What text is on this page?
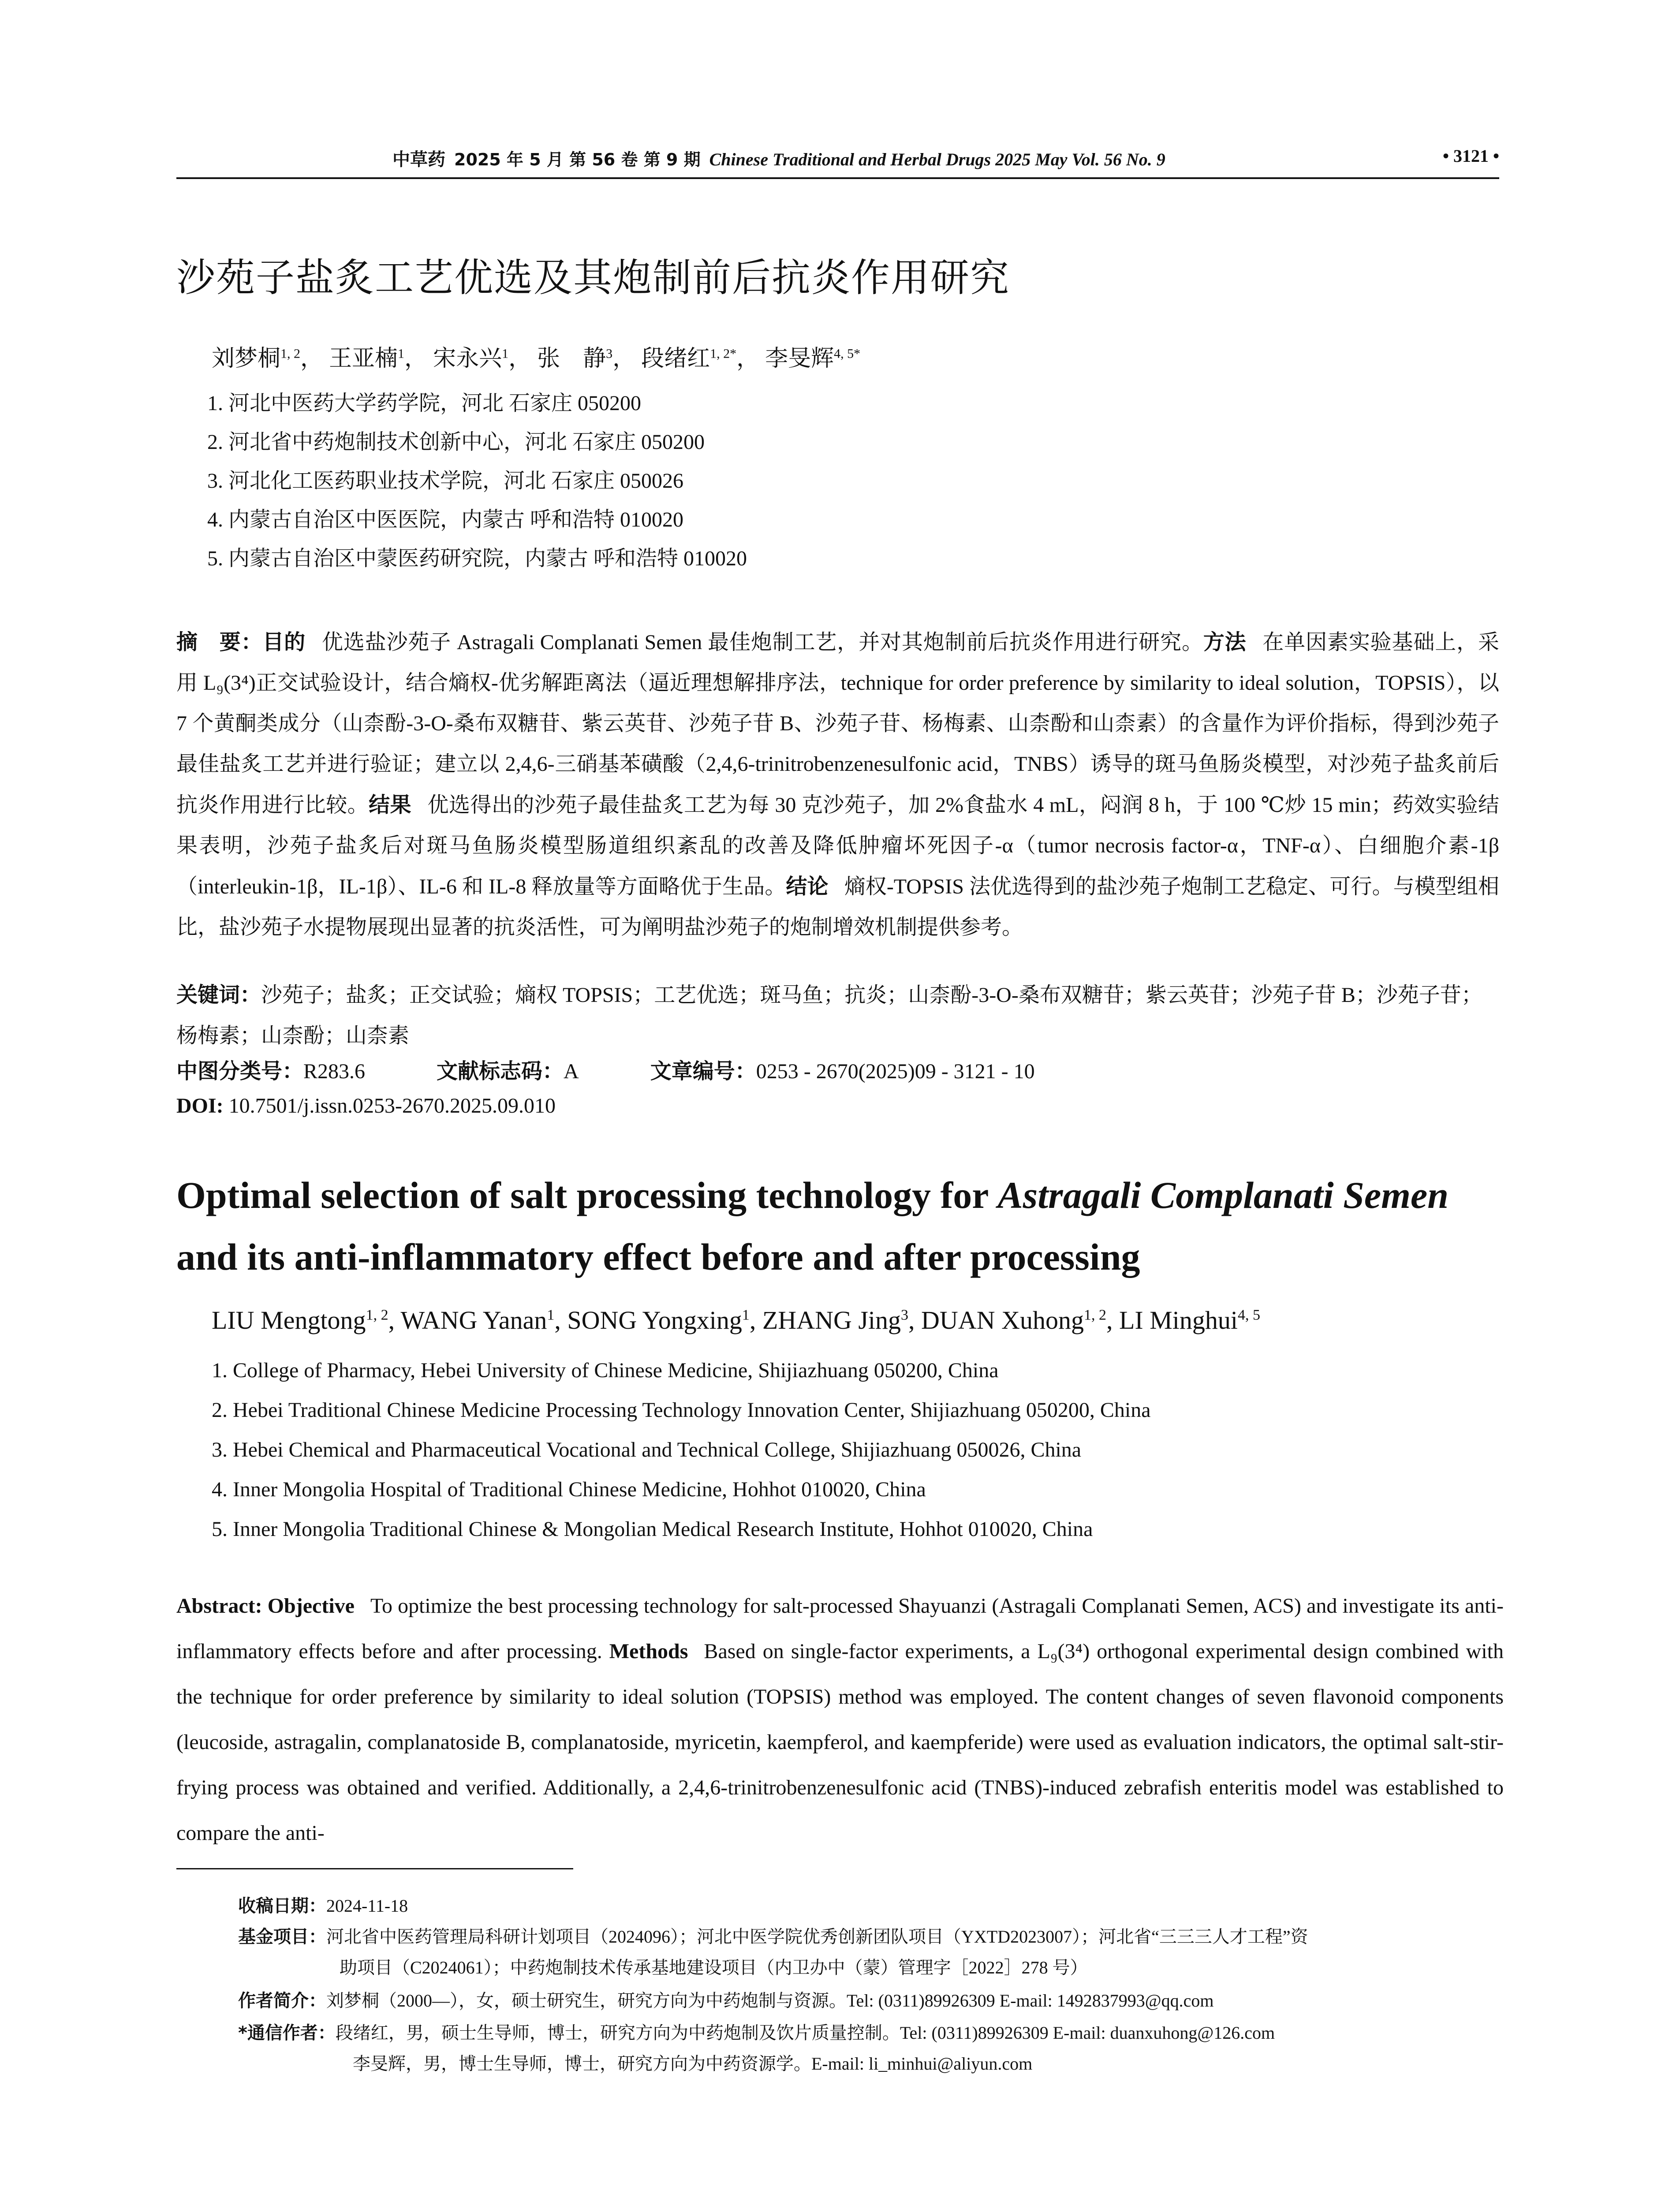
中草药 2025 年 5 月 第 56 卷 第 9 期 Chinese Traditional and Herbal Drugs 2025 May Vol. 56 No. 9	• 3121 •
沙苑子盐炙工艺优选及其炮制前后抗炎作用研究
刘梦桐$^{1, 2}$， 王亚楠$^1$， 宋永兴$^1$， 张　静$^3$， 段绪红$^{1, 2*}$， 李旻辉$^{4, 5*}$
1. 河北中医药大学药学院，河北 石家庄 050200
2. 河北省中药炮制技术创新中心，河北 石家庄 050200
3. 河北化工医药职业技术学院，河北 石家庄 050026
4. 内蒙古自治区中医医院，内蒙古 呼和浩特 010020
5. 内蒙古自治区中蒙医药研究院，内蒙古 呼和浩特 010020

摘　要：目的 优选盐沙苑子 Astragali Complanati Semen 最佳炮制工艺，并对其炮制前后抗炎作用进行研究。方法 在单因素实验基础上，采用 L₉(3⁴)正交试验设计，结合熵权-优劣解距离法（逼近理想解排序法，technique for order preference by similarity to ideal solution，TOPSIS），以 7 个黄酮类成分（山柰酚-3-O-桑布双糖苷、紫云英苷、沙苑子苷 B、沙苑子苷、杨梅素、山柰酚和山柰素）的含量作为评价指标，得到沙苑子最佳盐炙工艺并进行验证；建立以 2,4,6-三硝基苯磺酸（2,4,6-trinitrobenzenesulfonic acid，TNBS）诱导的斑马鱼肠炎模型，对沙苑子盐炙前后抗炎作用进行比较。结果 优选得出的沙苑子最佳盐炙工艺为每 30 克沙苑子，加 2%食盐水 4 mL，闷润 8 h，于 100 ℃炒 15 min；药效实验结果表明，沙苑子盐炙后对斑马鱼肠炎模型肠道组织紊乱的改善及降低肿瘤坏死因子-α（tumor necrosis factor-α，TNF-α）、白细胞介素-1β（interleukin-1β，IL-1β）、IL-6 和 IL-8 释放量等方面略优于生品。结论 熵权-TOPSIS 法优选得到的盐沙苑子炮制工艺稳定、可行。与模型组相比，盐沙苑子水提物展现出显著的抗炎活性，可为阐明盐沙苑子的炮制增效机制提供参考。

关键词：沙苑子；盐炙；正交试验；熵权 TOPSIS；工艺优选；斑马鱼；抗炎；山柰酚-3-O-桑布双糖苷；紫云英苷；沙苑子苷 B；沙苑子苷；杨梅素；山柰酚；山柰素

中图分类号：R283.6	文献标志码：A	文章编号：0253 - 2670(2025)09 - 3121 - 10
DOI: 10.7501/j.issn.0253-2670.2025.09.010

Optimal selection of salt processing technology for Astragali Complanati Semen and its anti-inflammatory effect before and after processing

LIU Mengtong$^{1, 2}$, WANG Yanan$^1$, SONG Yongxing$^1$, ZHANG Jing$^3$, DUAN Xuhong$^{1, 2}$, LI Minghui$^{4, 5}$
1. College of Pharmacy, Hebei University of Chinese Medicine, Shijiazhuang 050200, China
2. Hebei Traditional Chinese Medicine Processing Technology Innovation Center, Shijiazhuang 050200, China
3. Hebei Chemical and Pharmaceutical Vocational and Technical College, Shijiazhuang 050026, China
4. Inner Mongolia Hospital of Traditional Chinese Medicine, Hohhot 010020, China
5. Inner Mongolia Traditional Chinese & Mongolian Medical Research Institute, Hohhot 010020, China

Abstract: Objective To optimize the best processing technology for salt-processed Shayuanzi (Astragali Complanati Semen, ACS) and investigate its anti-inflammatory effects before and after processing. Methods Based on single-factor experiments, a L₉(3⁴) orthogonal experimental design combined with the technique for order preference by similarity to ideal solution (TOPSIS) method was employed. The content changes of seven flavonoid components (leucoside, astragalin, complanatoside B, complanatoside, myricetin, kaempferol, and kaempferide) were used as evaluation indicators, the optimal salt-stir-frying process was obtained and verified. Additionally, a 2,4,6-trinitrobenzenesulfonic acid (TNBS)-induced zebrafish enteritis model was established to compare the anti-

收稿日期：2024-11-18
基金项目：河北省中医药管理局科研计划项目（2024096）；河北中医学院优秀创新团队项目（YXTD2023007）；河北省“三三三人才工程”资
助项目（C2024061）；中药炮制技术传承基地建设项目（内卫办中（蒙）管理字［2022］278 号）
作者简介：刘梦桐（2000—），女，硕士研究生，研究方向为中药炮制与资源。Tel: (0311)89926309 E-mail: 1492837993@qq.com
*通信作者：段绪红，男，硕士生导师，博士，研究方向为中药炮制及饮片质量控制。Tel: (0311)89926309 E-mail: duanxuhong@126.com
李旻辉，男，博士生导师，博士，研究方向为中药资源学。E-mail: li_minhui@aliyun.com
